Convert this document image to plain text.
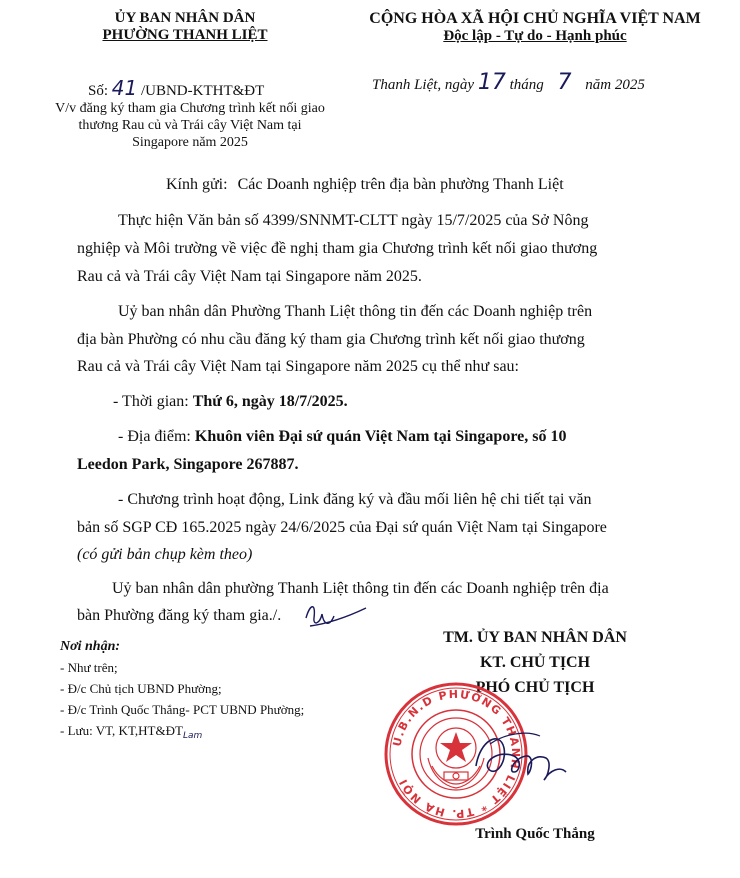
ỦY BAN NHÂN DÂN
PHƯỜNG THANH LIỆT
Số: 41 /UBND-KTHT&ĐT
V/v đăng ký tham gia Chương trình kết nối giao
thương Rau củ và Trái cây Việt Nam tại
Singapore năm 2025
CỘNG HÒA XÃ HỘI CHỦ NGHĨA VIỆT NAM
Độc lập - Tự do - Hạnh phúc
Thanh Liệt, ngày 17 tháng 7 năm 2025
Kính gửi: Các Doanh nghiệp trên địa bàn phường Thanh Liệt
Thực hiện Văn bản số 4399/SNNMT-CLTT ngày 15/7/2025 của Sở Nông
nghiệp và Môi trường về việc đề nghị tham gia Chương trình kết nối giao thương
Rau cả và Trái cây Việt Nam tại Singapore năm 2025.
Uỷ ban nhân dân Phường Thanh Liệt thông tin đến các Doanh nghiệp trên
địa bàn Phường có nhu cầu đăng ký tham gia Chương trình kết nối giao thương
Rau cả và Trái cây Việt Nam tại Singapore năm 2025 cụ thể như sau:
- Thời gian: Thứ 6, ngày 18/7/2025.
- Địa điểm: Khuôn viên Đại sứ quán Việt Nam tại Singapore, số 10
Leedon Park, Singapore 267887.
- Chương trình hoạt động, Link đăng ký và đầu mối liên hệ chi tiết tại văn
bản số SGP CĐ 165.2025 ngày 24/6/2025 của Đại sứ quán Việt Nam tại Singapore
(có gửi bản chụp kèm theo)
Uỷ ban nhân dân phường Thanh Liệt thông tin đến các Doanh nghiệp trên địa
bàn Phường đăng ký tham gia./.
Nơi nhận:
- Như trên;
- Đ/c Chủ tịch UBND Phường;
- Đ/c Trình Quốc Thắng- PCT UBND Phường;
- Lưu: VT, $KT,HT\&ĐT_{Lam}$
TM. ỦY BAN NHÂN DÂN
KT. CHỦ TỊCH
PHÓ CHỦ TỊCH
U.B.N.D PHƯỜNG THANH LIỆT * TP. HÀ NỘI
Trình Quốc Thắng
